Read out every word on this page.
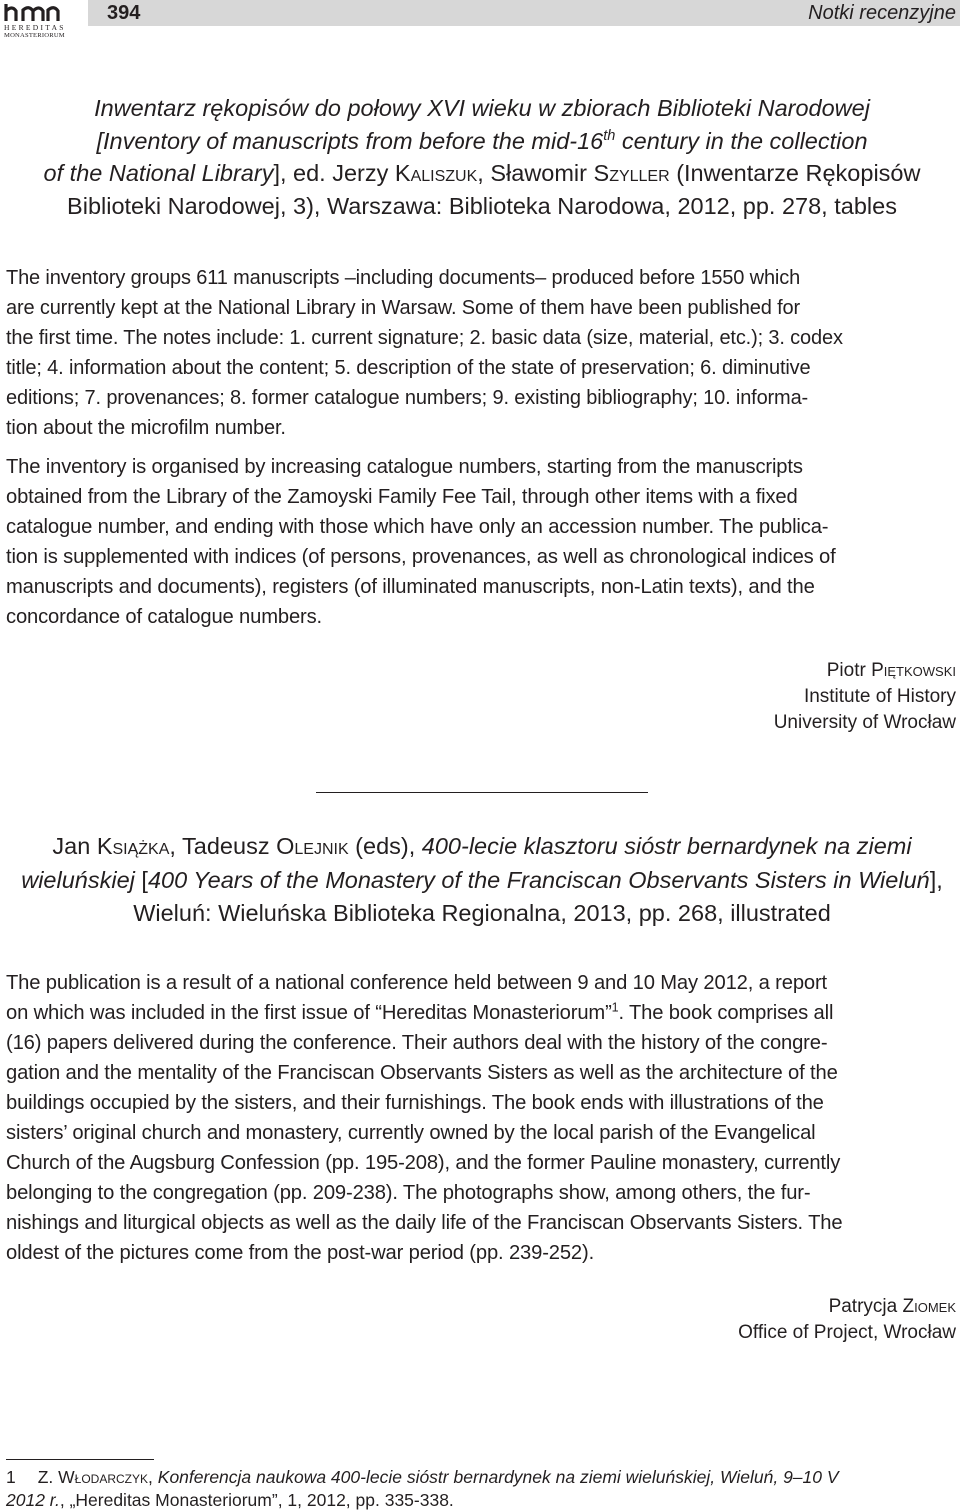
HEREDITAS
MONASTERIORUM
394	Notki recenzyjne
Inwentarz rękopisów do połowy XVI wieku w zbiorach Biblioteki Narodowej
[Inventory of manuscripts from before the mid-16th century in the collection
of the National Library], ed. Jerzy Kaliszuk, Sławomir Szyller (Inwentarze Rękopisów
Biblioteki Narodowej, 3), Warszawa: Biblioteka Narodowa, 2012, pp. 278, tables
The inventory groups 611 manuscripts –including documents– produced before 1550 which
are currently kept at the National Library in Warsaw. Some of them have been published for
the first time. The notes include: 1. current signature; 2. basic data (size, material, etc.); 3. codex
title; 4. information about the content; 5. description of the state of preservation; 6. diminutive
editions; 7. provenances; 8. former catalogue numbers; 9. existing bibliography; 10. informa-
tion about the microfilm number.
The inventory is organised by increasing catalogue numbers, starting from the manuscripts
obtained from the Library of the Zamoyski Family Fee Tail, through other items with a fixed
catalogue number, and ending with those which have only an accession number. The publica-
tion is supplemented with indices (of persons, provenances, as well as chronological indices of
manuscripts and documents), registers (of illuminated manuscripts, non-Latin texts), and the
concordance of catalogue numbers.
Piotr Piętkowski
Institute of History
University of Wrocław
Jan Książka, Tadeusz Olejnik (eds), 400-lecie klasztoru sióstr bernardynek na ziemi
wieluńskiej [400 Years of the Monastery of the Franciscan Observants Sisters in Wieluń],
Wieluń: Wieluńska Biblioteka Regionalna, 2013, pp. 268, illustrated
The publication is a result of a national conference held between 9 and 10 May 2012, a report
on which was included in the first issue of “Hereditas Monasteriorum”$^1$. The book comprises all
(16) papers delivered during the conference. Their authors deal with the history of the congre-
gation and the mentality of the Franciscan Observants Sisters as well as the architecture of the
buildings occupied by the sisters, and their furnishings. The book ends with illustrations of the
sisters’ original church and monastery, currently owned by the local parish of the Evangelical
Church of the Augsburg Confession (pp. 195-208), and the former Pauline monastery, currently
belonging to the congregation (pp. 209-238). The photographs show, among others, the fur-
nishings and liturgical objects as well as the daily life of the Franciscan Observants Sisters. The
oldest of the pictures come from the post-war period (pp. 239-252).
Patrycja Ziomek
Office of Project, Wrocław
1 Z. Włodarczyk, Konferencja naukowa 400-lecie sióstr bernardynek na ziemi wieluńskiej, Wieluń, 9–10 V
2012 r., „Hereditas Monasteriorum”, 1, 2012, pp. 335-338.
